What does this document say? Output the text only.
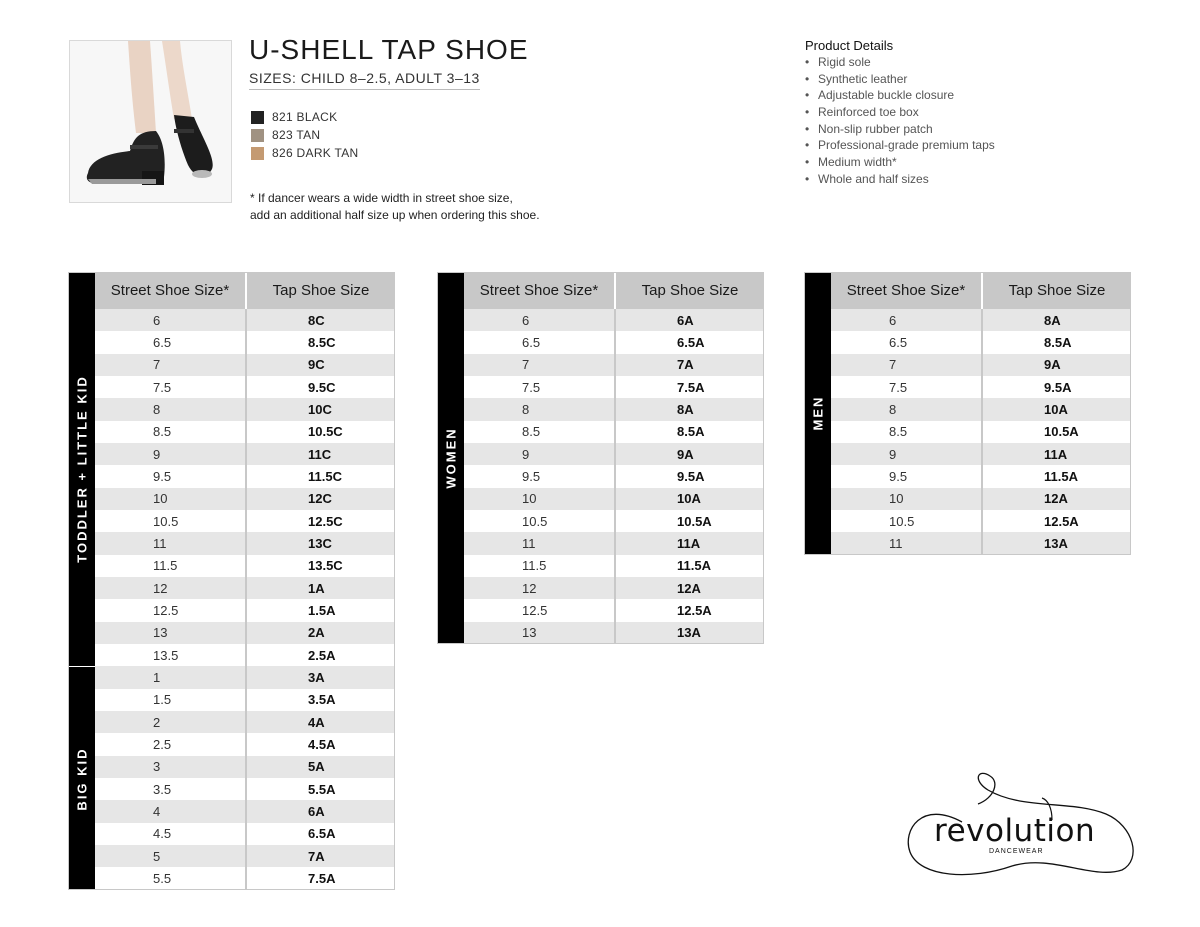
U-SHELL TAP SHOE
SIZES: CHILD 8–2.5, ADULT 3–13
821 BLACK
823 TAN
826 DARK TAN
* If dancer wears a wide width in street shoe size,
add an additional half size up when ordering this shoe.
Product Details
• Rigid sole
• Synthetic leather
• Adjustable buckle closure
• Reinforced toe box
• Non-slip rubber patch
• Professional-grade premium taps
• Medium width*
• Whole and half sizes
TODDLER + LITTLE KID
BIG KID
Street Shoe Size*	Tap Shoe Size
6	8C
6.5	8.5C
7	9C
7.5	9.5C
8	10C
8.5	10.5C
9	11C
9.5	11.5C
10	12C
10.5	12.5C
11	13C
11.5	13.5C
12	1A
12.5	1.5A
13	2A
13.5	2.5A
1	3A
1.5	3.5A
2	4A
2.5	4.5A
3	5A
3.5	5.5A
4	6A
4.5	6.5A
5	7A
5.5	7.5A
WOMEN
Street Shoe Size*	Tap Shoe Size
6	6A
6.5	6.5A
7	7A
7.5	7.5A
8	8A
8.5	8.5A
9	9A
9.5	9.5A
10	10A
10.5	10.5A
11	11A
11.5	11.5A
12	12A
12.5	12.5A
13	13A
MEN
Street Shoe Size*	Tap Shoe Size
6	8A
6.5	8.5A
7	9A
7.5	9.5A
8	10A
8.5	10.5A
9	11A
9.5	11.5A
10	12A
10.5	12.5A
11	13A
revolution
DANCEWEAR
